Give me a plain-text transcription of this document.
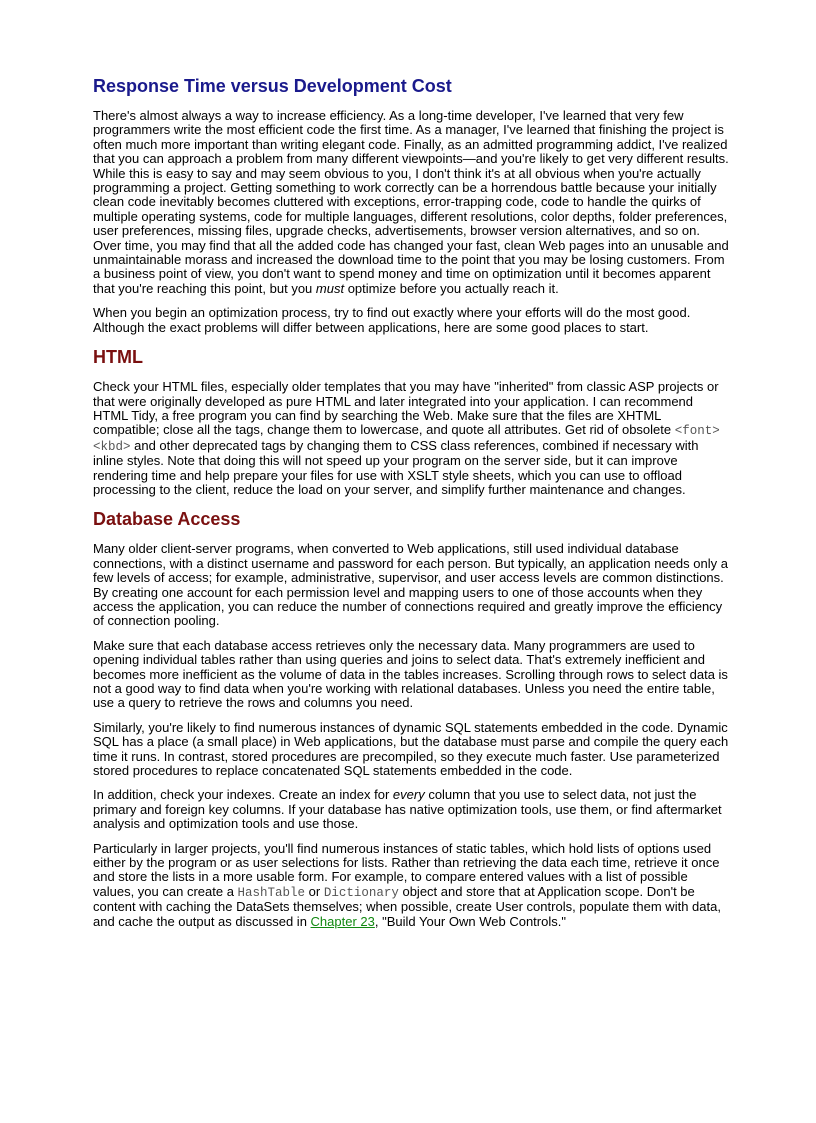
Response Time versus Development Cost

There's almost always a way to increase efficiency. As a long-time developer, I've learned that very few programmers write the most efficient code the first time. As a manager, I've learned that finishing the project is often much more important than writing elegant code. Finally, as an admitted programming addict, I've realized that you can approach a problem from many different viewpoints—and you're likely to get very different results. While this is easy to say and may seem obvious to you, I don't think it's at all obvious when you're actually programming a project. Getting something to work correctly can be a horrendous battle because your initially clean code inevitably becomes cluttered with exceptions, error-trapping code, code to handle the quirks of multiple operating systems, code for multiple languages, different resolutions, color depths, folder preferences, user preferences, missing files, upgrade checks, advertisements, browser version alternatives, and so on. Over time, you may find that all the added code has changed your fast, clean Web pages into an unusable and unmaintainable morass and increased the download time to the point that you may be losing customers. From a business point of view, you don't want to spend money and time on optimization until it becomes apparent that you're reaching this point, but you must optimize before you actually reach it.

When you begin an optimization process, try to find out exactly where your efforts will do the most good. Although the exact problems will differ between applications, here are some good places to start.

HTML

Check your HTML files, especially older templates that you may have "inherited" from classic ASP projects or that were originally developed as pure HTML and later integrated into your application. I can recommend HTML Tidy, a free program you can find by searching the Web. Make sure that the files are XHTML compatible; close all the tags, change them to lowercase, and quote all attributes. Get rid of obsolete <font> <kbd> and other deprecated tags by changing them to CSS class references, combined if necessary with inline styles. Note that doing this will not speed up your program on the server side, but it can improve rendering time and help prepare your files for use with XSLT style sheets, which you can use to offload processing to the client, reduce the load on your server, and simplify further maintenance and changes.

Database Access

Many older client-server programs, when converted to Web applications, still used individual database connections, with a distinct username and password for each person. But typically, an application needs only a few levels of access; for example, administrative, supervisor, and user access levels are common distinctions. By creating one account for each permission level and mapping users to one of those accounts when they access the application, you can reduce the number of connections required and greatly improve the efficiency of connection pooling.

Make sure that each database access retrieves only the necessary data. Many programmers are used to opening individual tables rather than using queries and joins to select data. That's extremely inefficient and becomes more inefficient as the volume of data in the tables increases. Scrolling through rows to select data is not a good way to find data when you're working with relational databases. Unless you need the entire table, use a query to retrieve the rows and columns you need.

Similarly, you're likely to find numerous instances of dynamic SQL statements embedded in the code. Dynamic SQL has a place (a small place) in Web applications, but the database must parse and compile the query each time it runs. In contrast, stored procedures are precompiled, so they execute much faster. Use parameterized stored procedures to replace concatenated SQL statements embedded in the code.

In addition, check your indexes. Create an index for every column that you use to select data, not just the primary and foreign key columns. If your database has native optimization tools, use them, or find aftermarket analysis and optimization tools and use those.

Particularly in larger projects, you'll find numerous instances of static tables, which hold lists of options used either by the program or as user selections for lists. Rather than retrieving the data each time, retrieve it once and store the lists in a more usable form. For example, to compare entered values with a list of possible values, you can create a HashTable or Dictionary object and store that at Application scope. Don't be content with caching the DataSets themselves; when possible, create User controls, populate them with data, and cache the output as discussed in Chapter 23, "Build Your Own Web Controls."
